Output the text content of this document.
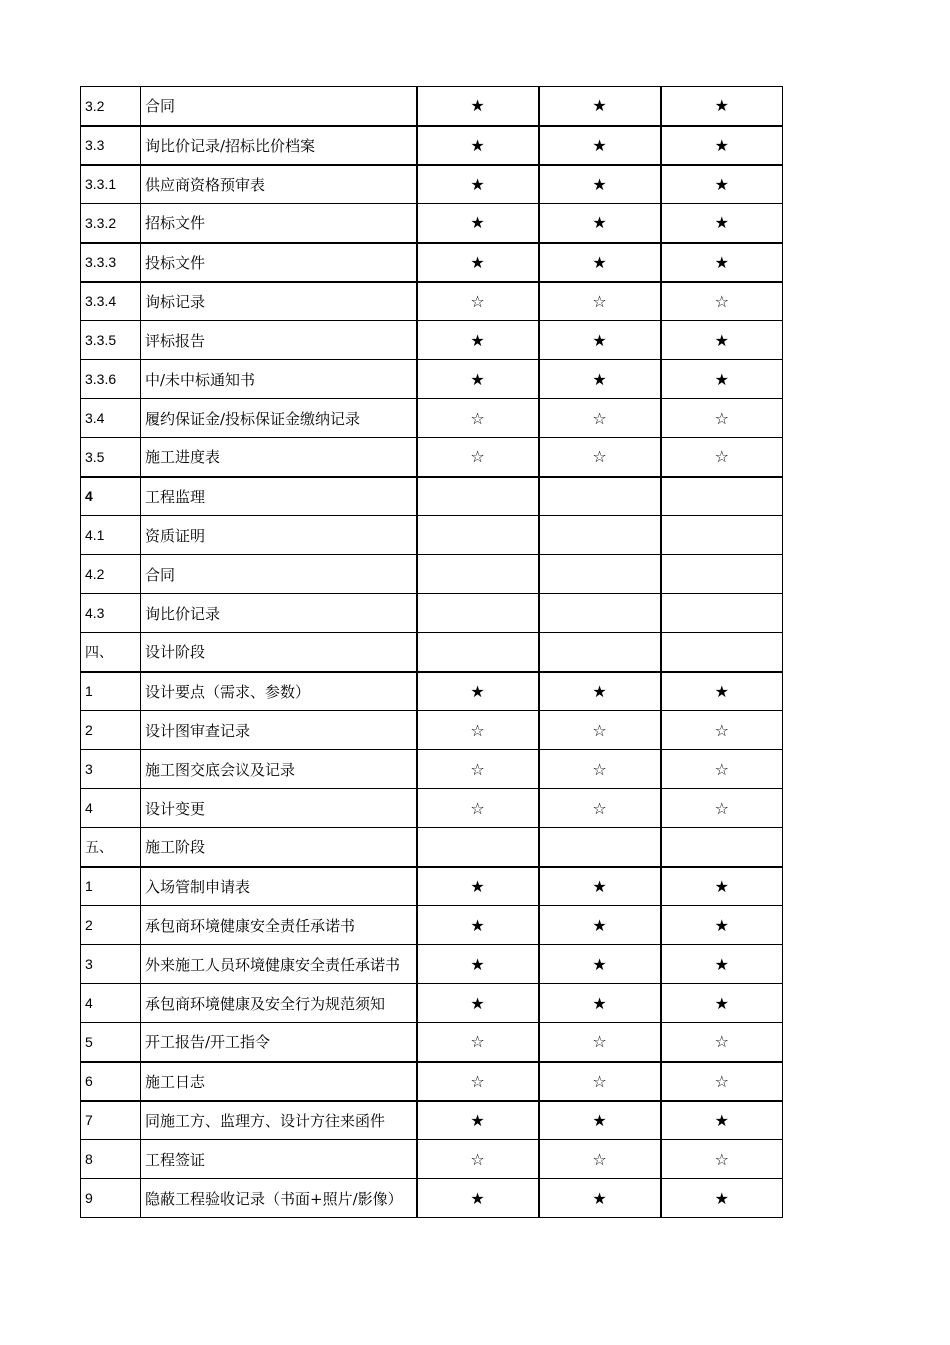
3.2	合同	★	★	★
3.3	询比价记录/招标比价档案	★	★	★
3.3.1	供应商资格预审表	★	★	★
3.3.2	招标文件	★	★	★
3.3.3	投标文件	★	★	★
3.3.4	询标记录	☆	☆	☆
3.3.5	评标报告	★	★	★
3.3.6	中/未中标通知书	★	★	★
3.4	履约保证金/投标保证金缴纳记录	☆	☆	☆
3.5	施工进度表	☆	☆	☆
4	工程监理			
4.1	资质证明			
4.2	合同			
4.3	询比价记录			
四、	设计阶段			
1	设计要点（需求、参数）	★	★	★
2	设计图审查记录	☆	☆	☆
3	施工图交底会议及记录	☆	☆	☆
4	设计变更	☆	☆	☆
五、	施工阶段			
1	入场管制申请表	★	★	★
2	承包商环境健康安全责任承诺书	★	★	★
3	外来施工人员环境健康安全责任承诺书	★	★	★
4	承包商环境健康及安全行为规范须知	★	★	★
5	开工报告/开工指令	☆	☆	☆
6	施工日志	☆	☆	☆
7	同施工方、监理方、设计方往来函件	★	★	★
8	工程签证	☆	☆	☆
9	隐蔽工程验收记录（书面+照片/影像）	★	★	★
